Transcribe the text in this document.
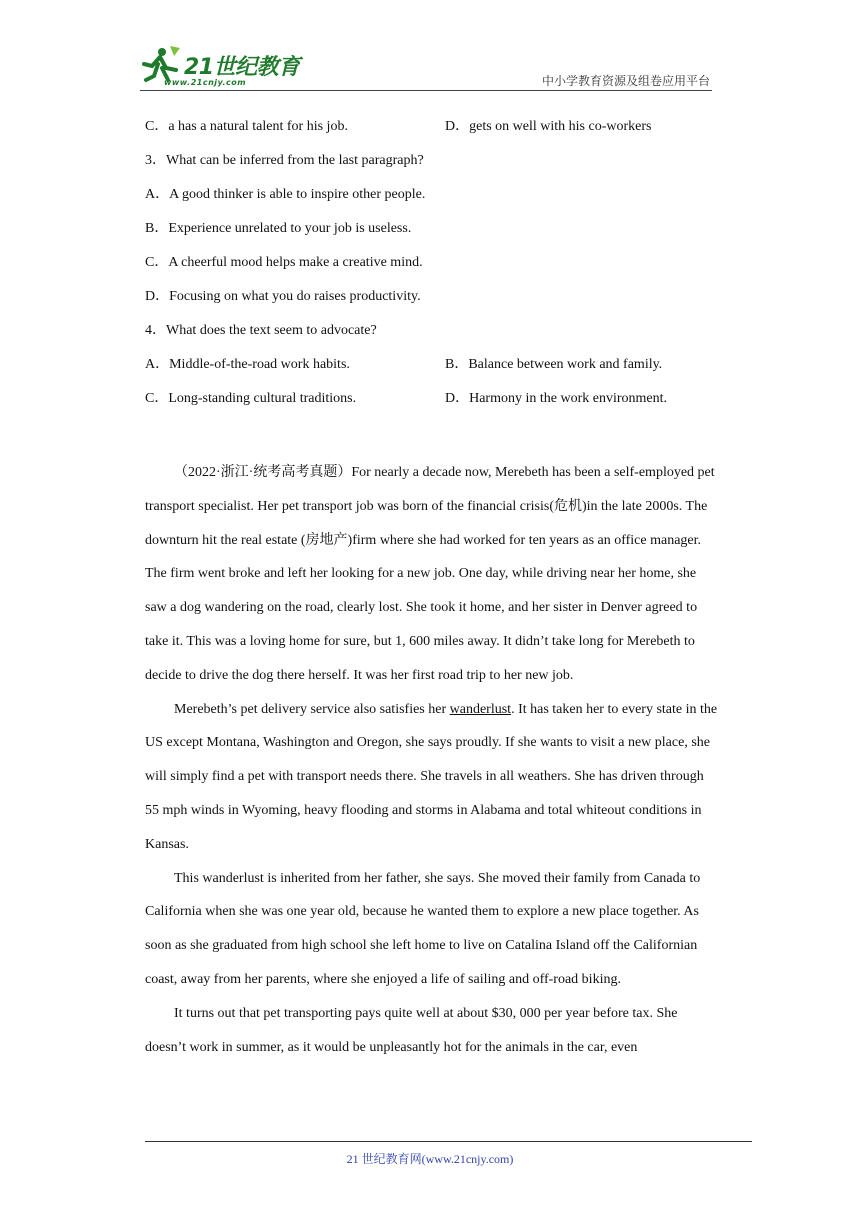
21世纪教育
www.21cnjy.com	中小学教育资源及组卷应用平台
C．a has a natural talent for his job.	D．gets on well with his co-workers
3．What can be inferred from the last paragraph?
A．A good thinker is able to inspire other people.
B．Experience unrelated to your job is useless.
C．A cheerful mood helps make a creative mind.
D．Focusing on what you do raises productivity.
4．What does the text seem to advocate?
A．Middle-of-the-road work habits.	B．Balance between work and family.
C．Long-standing cultural traditions.	D．Harmony in the work environment.

（2022·浙江·统考高考真题）For nearly a decade now, Merebeth has been a self-employed pet transport specialist. Her pet transport job was born of the financial crisis(危机)in the late 2000s. The downturn hit the real estate (房地产)firm where she had worked for ten years as an office manager. The firm went broke and left her looking for a new job. One day, while driving near her home, she saw a dog wandering on the road, clearly lost. She took it home, and her sister in Denver agreed to take it. This was a loving home for sure, but 1, 600 miles away. It didn’t take long for Merebeth to decide to drive the dog there herself. It was her first road trip to her new job.

Merebeth’s pet delivery service also satisfies her wanderlust. It has taken her to every state in the US except Montana, Washington and Oregon, she says proudly. If she wants to visit a new place, she will simply find a pet with transport needs there. She travels in all weathers. She has driven through 55 mph winds in Wyoming, heavy flooding and storms in Alabama and total whiteout conditions in Kansas.

This wanderlust is inherited from her father, she says. She moved their family from Canada to California when she was one year old, because he wanted them to explore a new place together. As soon as she graduated from high school she left home to live on Catalina Island off the Californian coast, away from her parents, where she enjoyed a life of sailing and off-road biking.

It turns out that pet transporting pays quite well at about $30, 000 per year before tax. She doesn’t work in summer, as it would be unpleasantly hot for the animals in the car, even

21 世纪教育网(www.21cnjy.com)
